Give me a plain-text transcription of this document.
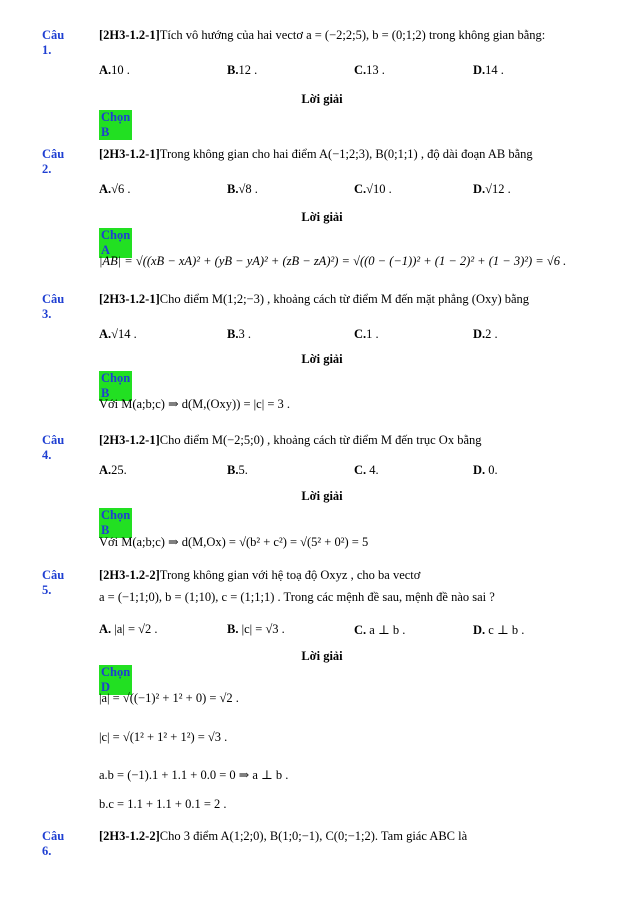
Câu 1.
[2H3-1.2-1]Tích vô hướng của hai vectơ a = (−2;2;5), b = (0;1;2) trong không gian bằng:
A.10 .	B.12 .	C.13 .	D.14 .
Lời giải
Chọn B
Câu 2.
[2H3-1.2-1]Trong không gian cho hai điểm A(−1;2;3), B(0;1;1) , độ dài đoạn AB bằng
A.√6 .	B.√8 .	C.√10 .	D.√12 .
Lời giải
Chọn A
|AB| = √((xB − xA)² + (yB − yA)² + (zB − zA)²) = √((0 − (−1))² + (1 − 2)² + (1 − 3)²) = √6 .
Câu 3.
[2H3-1.2-1]Cho điểm M(1;2;−3) , khoảng cách từ điểm M đến mặt phẳng (Oxy) bằng
A.√14 .	B.3 .	C.1 .	D.2 .
Lời giải
Chọn B
Với M(a;b;c) ⇒ d(M,(Oxy)) = |c| = 3 .
Câu 4.
[2H3-1.2-1]Cho điểm M(−2;5;0) , khoảng cách từ điểm M đến trục Ox bằng
A.25.	B.5.	C. 4.	D. 0.
Lời giải
Chọn B
Với M(a;b;c) ⇒ d(M,Ox) = √(b² + c²) = √(5² + 0²) = 5
Câu 5.
[2H3-1.2-2]Trong không gian với hệ toạ độ Oxyz , cho ba vectơ
a = (−1;1;0), b = (1;10), c = (1;1;1) . Trong các mệnh đề sau, mệnh đề nào sai ?
A. |a| = √2 .	B. |c| = √3 .	C. a ⊥ b .	D. c ⊥ b .
Lời giải
Chọn D
|a| = √((−1)² + 1² + 0) = √2 .
|c| = √(1² + 1² + 1²) = √3 .
a.b = (−1).1 + 1.1 + 0.0 = 0 ⇒ a ⊥ b .
b.c = 1.1 + 1.1 + 0.1 = 2 .
Câu 6.
[2H3-1.2-2]Cho 3 điểm A(1;2;0), B(1;0;−1), C(0;−1;2). Tam giác ABC là
